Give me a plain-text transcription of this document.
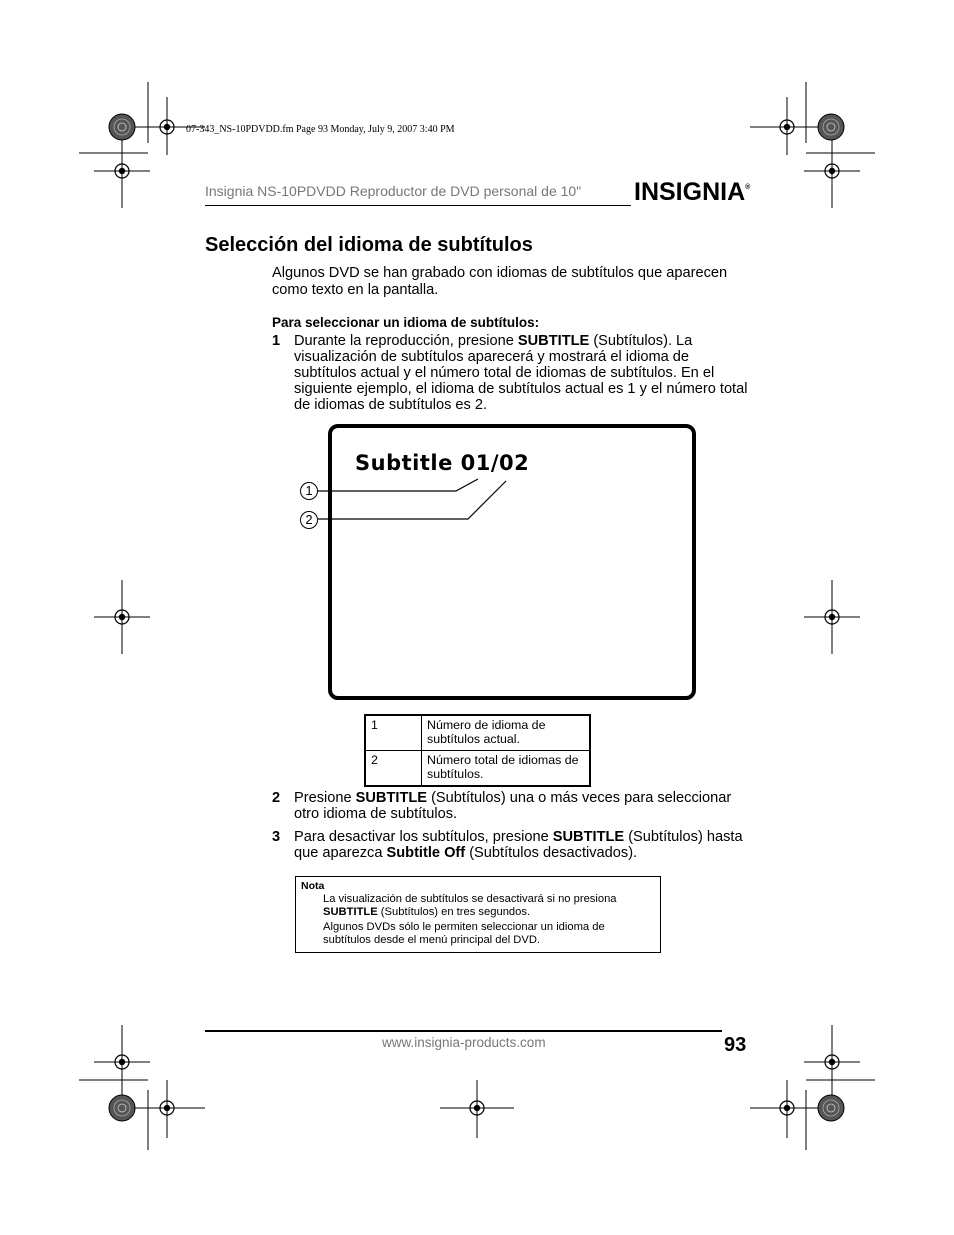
07-343_NS-10PDVDD.fm Page 93 Monday, July 9, 2007 3:40 PM
Insignia NS-10PDVDD Reproductor de DVD personal de 10" INSIGNIA®
Selección del idioma de subtítulos
Algunos DVD se han grabado con idiomas de subtítulos que aparecen como texto en la pantalla.
Para seleccionar un idioma de subtítulos:
1 Durante la reproducción, presione SUBTITLE (Subtítulos). La visualización de subtítulos aparecerá y mostrará el idioma de subtítulos actual y el número total de idiomas de subtítulos. En el siguiente ejemplo, el idioma de subtítulos actual es 1 y el número total de idiomas de subtítulos es 2.
Subtitle 01/02
1
2
1	Número de idioma de subtítulos actual.
2	Número total de idiomas de subtítulos.
2 Presione SUBTITLE (Subtítulos) una o más veces para seleccionar otro idioma de subtítulos.
3 Para desactivar los subtítulos, presione SUBTITLE (Subtítulos) hasta que aparezca Subtitle Off (Subtítulos desactivados).
Nota
La visualización de subtítulos se desactivará si no presiona SUBTITLE (Subtítulos) en tres segundos.
Algunos DVDs sólo le permiten seleccionar un idioma de subtítulos desde el menú principal del DVD.
www.insignia-products.com	93
